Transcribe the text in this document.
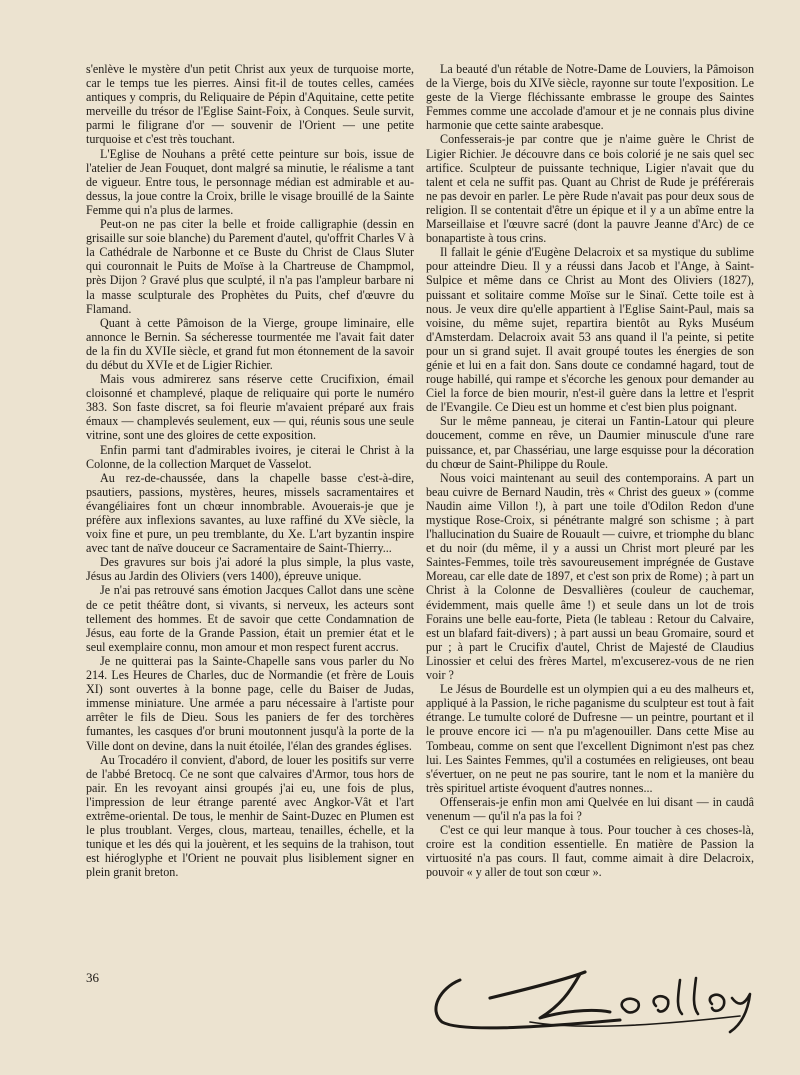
s'enlève le mystère d'un petit Christ aux yeux de turquoise morte, car le temps tue les pierres. Ainsi fit-il de toutes celles, camées antiques y compris, du Reliquaire de Pépin d'Aquitaine, cette petite merveille du trésor de l'Eglise Saint-Foix, à Conques. Seule survit, parmi le filigrane d'or — souvenir de l'Orient — une petite turquoise et c'est très touchant.

L'Eglise de Nouhans a prêté cette peinture sur bois, issue de l'atelier de Jean Fouquet, dont malgré sa minutie, le réalisme a tant de vigueur. Entre tous, le personnage médian est admirable et au-dessus, la joue contre la Croix, brille le visage brouillé de la Sainte Femme qui n'a plus de larmes.

Peut-on ne pas citer la belle et froide calligraphie (dessin en grisaille sur soie blanche) du Parement d'autel, qu'offrit Charles V à la Cathédrale de Narbonne et ce Buste du Christ de Claus Sluter qui couronnait le Puits de Moïse à la Chartreuse de Champmol, près Dijon ? Gravé plus que sculpté, il n'a pas l'ampleur barbare ni la masse sculpturale des Prophètes du Puits, chef d'œuvre du Flamand.

Quant à cette Pâmoison de la Vierge, groupe liminaire, elle annonce le Bernin. Sa sécheresse tourmentée me l'avait fait dater de la fin du XVIIe siècle, et grand fut mon étonnement de la savoir du début du XVIe et de Ligier Richier.

Mais vous admirerez sans réserve cette Crucifixion, émail cloisonné et champlevé, plaque de reliquaire qui porte le numéro 383. Son faste discret, sa foi fleurie m'avaient préparé aux frais émaux — champlevés seulement, eux — qui, réunis sous une seule vitrine, sont une des gloires de cette exposition.

Enfin parmi tant d'admirables ivoires, je citerai le Christ à la Colonne, de la collection Marquet de Vasselot.

Au rez-de-chaussée, dans la chapelle basse c'est-à-dire, psautiers, passions, mystères, heures, missels sacramentaires et évangéliaires font un chœur innombrable. Avouerais-je que je préfère aux inflexions savantes, au luxe raffiné du XVe siècle, la voix fine et pure, un peu tremblante, du Xe. L'art byzantin inspire avec tant de naïve douceur ce Sacramentaire de Saint-Thierry...

Des gravures sur bois j'ai adoré la plus simple, la plus vaste, Jésus au Jardin des Oliviers (vers 1400), épreuve unique.

Je n'ai pas retrouvé sans émotion Jacques Callot dans une scène de ce petit théâtre dont, si vivants, si nerveux, les acteurs sont tellement des hommes. Et de savoir que cette Condamnation de Jésus, eau forte de la Grande Passion, était un premier état et le seul exemplaire connu, mon amour et mon respect furent accrus.

Je ne quitterai pas la Sainte-Chapelle sans vous parler du No 214. Les Heures de Charles, duc de Normandie (et frère de Louis XI) sont ouvertes à la bonne page, celle du Baiser de Judas, immense miniature. Une armée a paru nécessaire à l'artiste pour arrêter le fils de Dieu. Sous les paniers de fer des torchères fumantes, les casques d'or bruni moutonnent jusqu'à la porte de la Ville dont on devine, dans la nuit étoilée, l'élan des grandes églises.

Au Trocadéro il convient, d'abord, de louer les positifs sur verre de l'abbé Bretocq. Ce ne sont que calvaires d'Armor, tous hors de pair. En les revoyant ainsi groupés j'ai eu, une fois de plus, l'impression de leur étrange parenté avec Angkor-Vât et l'art extrême-oriental. De tous, le menhir de Saint-Duzec en Plumen est le plus troublant. Verges, clous, marteau, tenailles, échelle, et la tunique et les dés qui la jouèrent, et les sequins de la trahison, tout est hiéroglyphe et l'Orient ne pouvait plus lisiblement signer en plein granit breton.

La beauté d'un rétable de Notre-Dame de Louviers, la Pâmoison de la Vierge, bois du XIVe siècle, rayonne sur toute l'exposition. Le geste de la Vierge fléchissante embrasse le groupe des Saintes Femmes comme une accolade d'amour et je ne connais plus divine harmonie que cette sainte arabesque.

Confesserais-je par contre que je n'aime guère le Christ de Ligier Richier. Je découvre dans ce bois colorié je ne sais quel sec artifice. Sculpteur de puissante technique, Ligier n'avait que du talent et cela ne suffit pas. Quant au Christ de Rude je préférerais ne pas devoir en parler. Le père Rude n'avait pas pour deux sous de religion. Il se contentait d'être un épique et il y a un abîme entre la Marseillaise et l'œuvre sacré (dont la pauvre Jeanne d'Arc) de ce bonapartiste à tous crins.

Il fallait le génie d'Eugène Delacroix et sa mystique du sublime pour atteindre Dieu. Il y a réussi dans Jacob et l'Ange, à Saint-Sulpice et même dans ce Christ au Mont des Oliviers (1827), puissant et solitaire comme Moïse sur le Sinaï. Cette toile est à nous. Je veux dire qu'elle appartient à l'Eglise Saint-Paul, mais sa voisine, du même sujet, repartira bientôt au Ryks Muséum d'Amsterdam. Delacroix avait 53 ans quand il l'a peinte, si petite pour un si grand sujet. Il avait groupé toutes les énergies de son génie et lui en a fait don. Sans doute ce condamné hagard, tout de rouge habillé, qui rampe et s'écorche les genoux pour demander au Ciel la force de bien mourir, n'est-il guère dans la lettre et l'esprit de l'Evangile. Ce Dieu est un homme et c'est bien plus poignant.

Sur le même panneau, je citerai un Fantin-Latour qui pleure doucement, comme en rêve, un Daumier minuscule d'une rare puissance, et, par Chassériau, une large esquisse pour la décoration du chœur de Saint-Philippe du Roule.

Nous voici maintenant au seuil des contemporains. A part un beau cuivre de Bernard Naudin, très « Christ des gueux » (comme Naudin aime Villon !), à part une toile d'Odilon Redon d'une mystique Rose-Croix, si pénétrante malgré son schisme ; à part l'hallucination du Suaire de Rouault — cuivre, et triomphe du blanc et du noir (du même, il y a aussi un Christ mort pleuré par les Saintes-Femmes, toile très savoureusement imprégnée de Gustave Moreau, car elle date de 1897, et c'est son prix de Rome) ; à part un Christ à la Colonne de Desvallières (couleur de cauchemar, évidemment, mais quelle âme !) et seule dans un lot de trois Forains une belle eau-forte, Pieta (le tableau : Retour du Calvaire, est un blafard fait-divers) ; à part aussi un beau Gromaire, sourd et pur ; à part le Crucifix d'autel, Christ de Majesté de Claudius Linossier et celui des frères Martel, m'excuserez-vous de ne rien voir ?

Le Jésus de Bourdelle est un olympien qui a eu des malheurs et, appliqué à la Passion, le riche paganisme du sculpteur est tout à fait étrange. Le tumulte coloré de Dufresne — un peintre, pourtant et il le prouve encore ici — n'a pu m'agenouiller. Dans cette Mise au Tombeau, comme on sent que l'excellent Dignimont n'est pas chez lui. Les Saintes Femmes, qu'il a costumées en religieuses, ont beau s'évertuer, on ne peut ne pas sourire, tant le nom et la manière du très spirituel artiste évoquent d'autres nonnes...

Offenserais-je enfin mon ami Quelvée en lui disant — in caudâ venenum — qu'il n'a pas la foi ?

C'est ce qui leur manque à tous. Pour toucher à ces choses-là, croire est la condition essentielle. En matière de Passion la virtuosité n'a pas cours. Il faut, comme aimait à dire Delacroix, pouvoir « y aller de tout son cœur ».

36
